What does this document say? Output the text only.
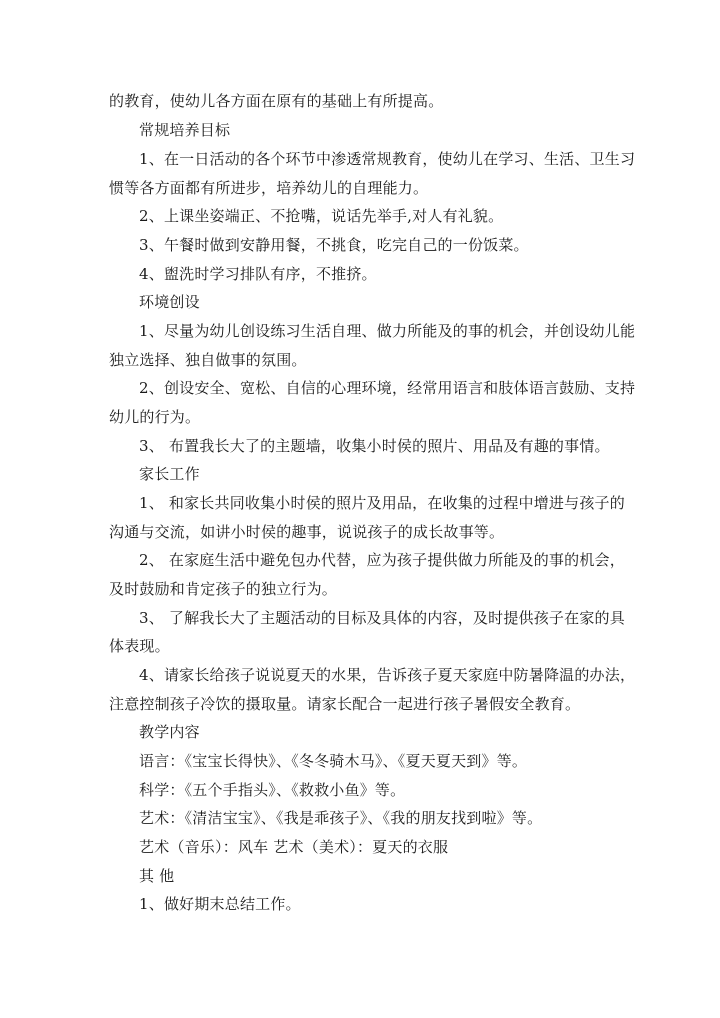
的教育，使幼儿各方面在原有的基础上有所提高。
常规培养目标
1、在一日活动的各个环节中渗透常规教育，使幼儿在学习、生活、卫生习
惯等各方面都有所进步，培养幼儿的自理能力。
2、上课坐姿端正、不抢嘴，说话先举手,对人有礼貌。
3、午餐时做到安静用餐，不挑食，吃完自己的一份饭菜。
4、盥洗时学习排队有序，不推挤。
环境创设
1、尽量为幼儿创设练习生活自理、做力所能及的事的机会，并创设幼儿能
独立选择、独自做事的氛围。
2、创设安全、宽松、自信的心理环境，经常用语言和肢体语言鼓励、支持
幼儿的行为。
3、 布置我长大了的主题墙，收集小时侯的照片、用品及有趣的事情。
家长工作
1、 和家长共同收集小时侯的照片及用品，在收集的过程中增进与孩子的
沟通与交流，如讲小时侯的趣事，说说孩子的成长故事等。
2、 在家庭生活中避免包办代替，应为孩子提供做力所能及的事的机会，
及时鼓励和肯定孩子的独立行为。
3、 了解我长大了主题活动的目标及具体的内容，及时提供孩子在家的具
体表现。
4、请家长给孩子说说夏天的水果，告诉孩子夏天家庭中防暑降温的办法，
注意控制孩子冷饮的摄取量。请家长配合一起进行孩子暑假安全教育。
教学内容
语言：《宝宝长得快》、《冬冬骑木马》、《夏天夏天到》等。
科学：《五个手指头》、《救救小鱼》等。
艺术：《清洁宝宝》、《我是乖孩子》、《我的朋友找到啦》等。
艺术（音乐）：风车 艺术（美术）：夏天的衣服
其 他
1、做好期末总结工作。
